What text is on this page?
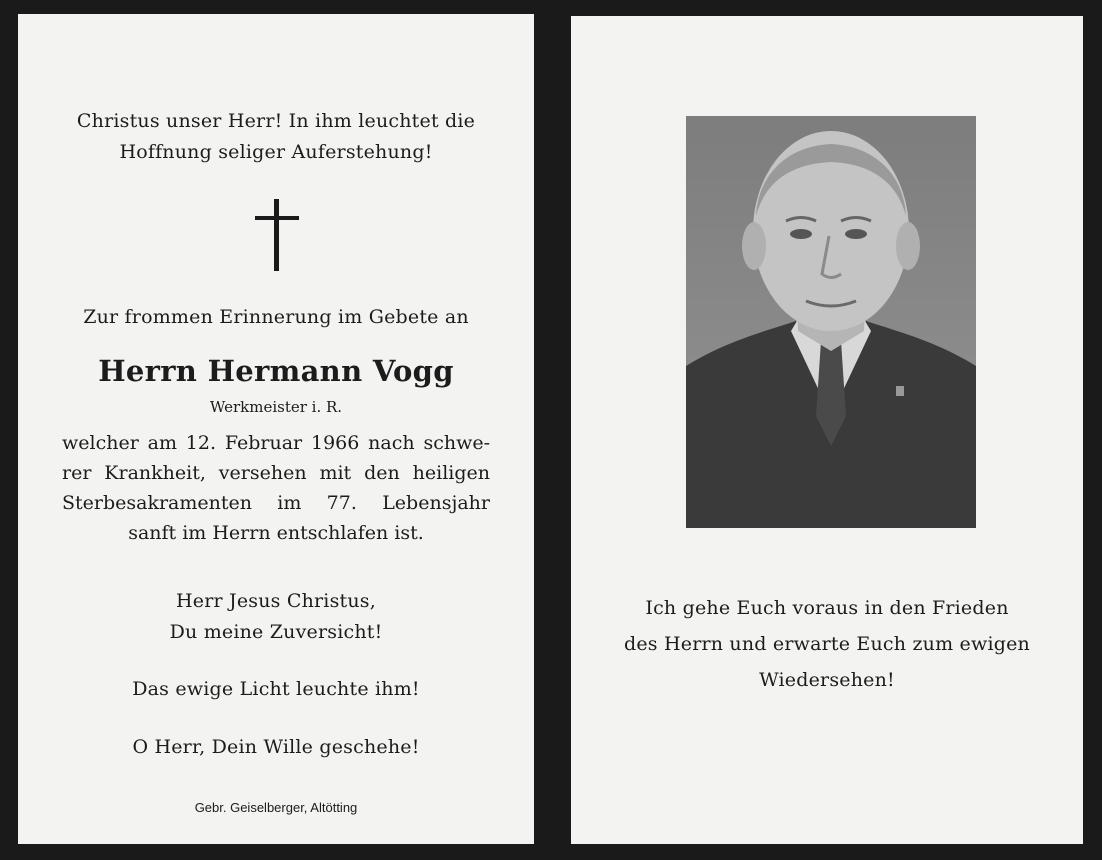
Christus unser Herr! In ihm leuchtet die
Hoffnung seliger Auferstehung!
Zur frommen Erinnerung im Gebete an
Herrn Hermann Vogg
Werkmeister i. R.
welcher am 12. Februar 1966 nach schwe-
rer Krankheit, versehen mit den heiligen
Sterbesakramenten im 77. Lebensjahr
sanft im Herrn entschlafen ist.
Herr Jesus Christus,
Du meine Zuversicht!
Das ewige Licht leuchte ihm!
O Herr, Dein Wille geschehe!
Gebr. Geiselberger, Altötting
Ich gehe Euch voraus in den Frieden
des Herrn und erwarte Euch zum ewigen
Wiedersehen!
